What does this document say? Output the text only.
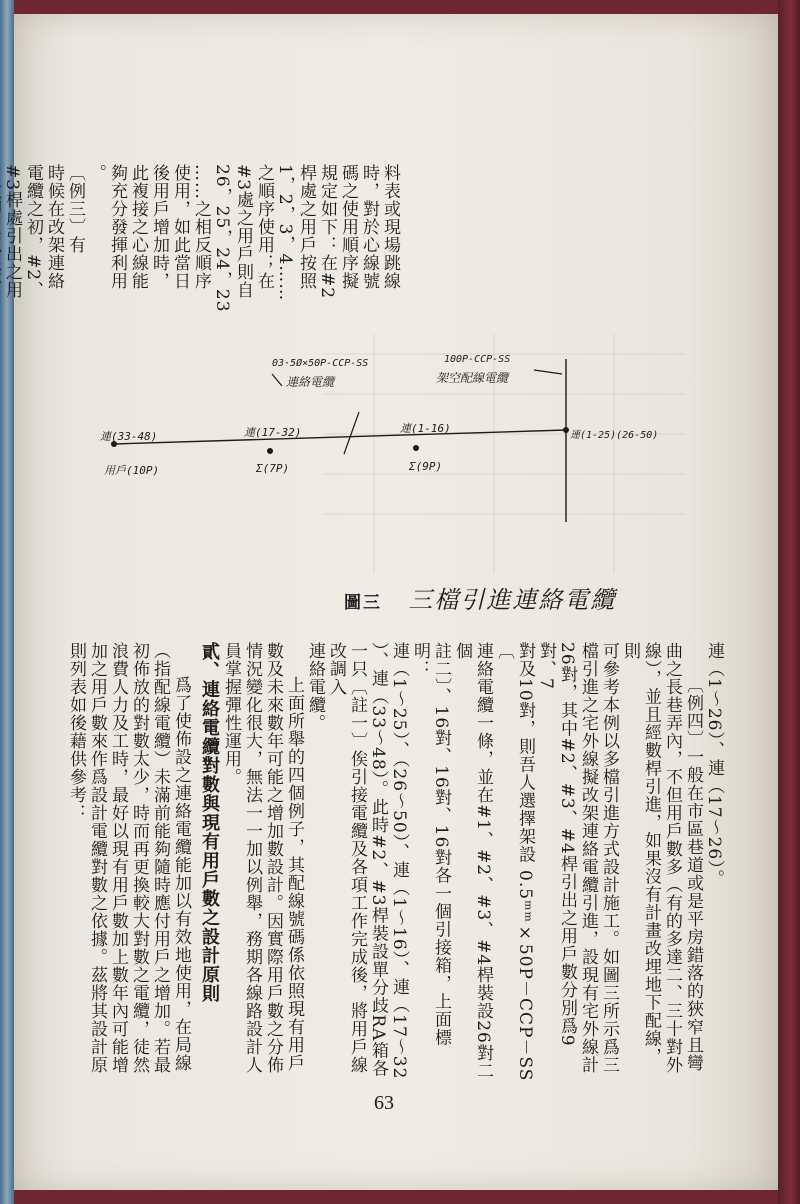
料表或現場跳線

時，對於心線號

碼之使用順序擬

規定如下：在#2

桿處之用戶按照

1，2，3，4……

之順序使用；在

#3處之用戶則自

26，25，24，23

……之相反順序

使用，如此當日

後用戶增加時，

此複接之心線能

夠充分發揮利用

。

〔例三〕有

時候在改架連絡

電纜之初，#2、

#3桿處引出之用

03·5Ø×50P-CCP-SS
連絡電纜
100P-CCP-SS
架空配線電纜
連(33-48)	連(17-32)	連(1-16)
連(1-25)(26-50)
用戶(10P)	Σ(7P)	Σ(9P)
圖三 三檔引進連絡電纜

連（1～26）、連（17～26）。

〔例四〕一般在市區巷道或是平房錯落的狹窄且彎

曲之長巷弄內，不但用戶數多（有的多達二、三十對外

線），並且經數桿引進，如果沒有計畫改埋地下配線，則

可參考本例以多檔引進方式設計施工。如圖三所示爲三

檔引進之宅外線擬改架連絡電纜引進，設現有宅外線計

26對，其中#2、#3、#4桿引出之用戶數分別爲9對、7

對及10對，則吾人選擇架設 0.5ᵐᵐ×50P－CCP－SS〔

連絡電纜一條，並在#1、#2、#3、#4桿裝設26對二個

註二〕、16對、16對、16對各一個引接箱，上面標明：

連（1～25）、（26～50）、連（1～16）、連（17～32

）、連（33～48）。此時#2、#3桿裝設單分歧RA箱各

一只〔註一〕俟引接電纜及各項工作完成後，將用戶線改調入

連絡電纜。

上面所舉的四個例子，其配線號碼係依照現有用戶

數及未來數年可能之增加數設計。因實際用戶數之分佈

情況變化很大，無法一一加以例舉，務期各線路設計人

員掌握彈性運用。

貳、連絡電纜對數與現有用戶數之設計原則

爲了使佈設之連絡電纜能加以有效地使用，在局線

（指配線電纜）未滿前能夠隨時應付用戶之增加。若最

初佈放的對數太少，時而再更換較大對數之電纜，徒然

浪費人力及工時，最好以現有用戶數加上數年內可能增

加之用戶數來作爲設計電纜對數之依據。茲將其設計原

則列表如後藉供參考：

63
